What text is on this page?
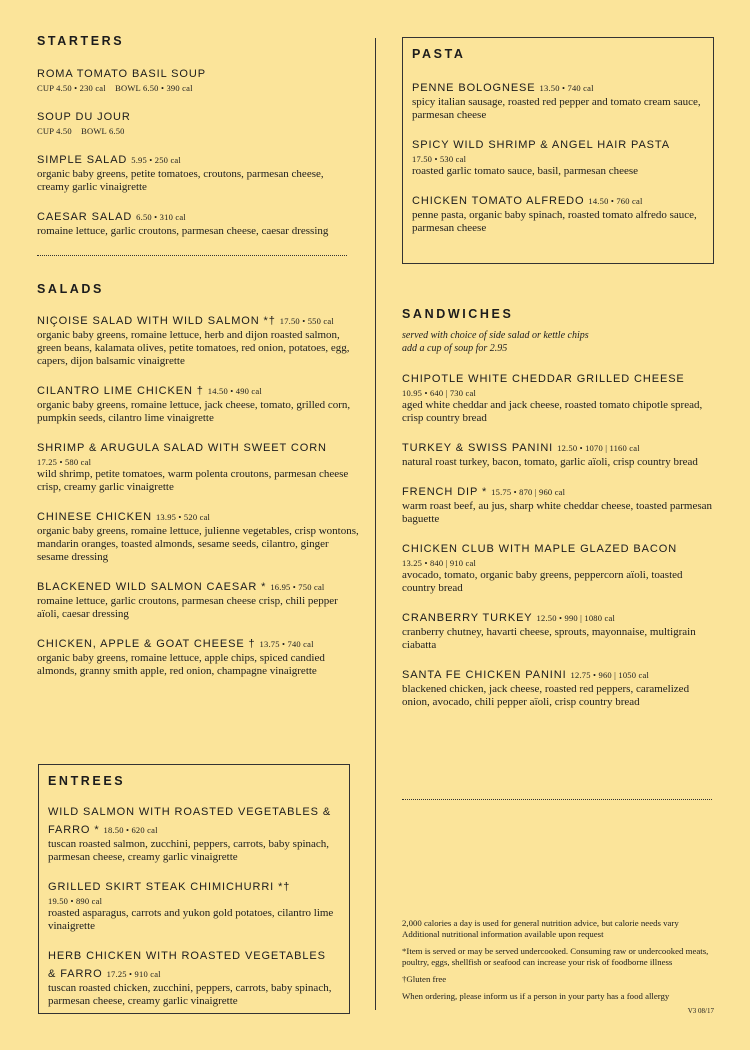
STARTERS
ROMA TOMATO BASIL SOUP
CUP 4.50 • 230 cal    BOWL 6.50 • 390 cal
SOUP DU JOUR
CUP 4.50    BOWL 6.50
SIMPLE SALAD 5.95 • 250 cal
organic baby greens, petite tomatoes, croutons, parmesan cheese, creamy garlic vinaigrette
CAESAR SALAD 6.50 • 310 cal
romaine lettuce, garlic croutons, parmesan cheese, caesar dressing
SALADS
NIÇOISE SALAD WITH WILD SALMON *† 17.50 • 550 cal
organic baby greens, romaine lettuce, herb and dijon roasted salmon, green beans, kalamata olives, petite tomatoes, red onion, potatoes, egg, capers, dijon balsamic vinaigrette
CILANTRO LIME CHICKEN † 14.50 • 490 cal
organic baby greens, romaine lettuce, jack cheese, tomato, grilled corn, pumpkin seeds, cilantro lime vinaigrette
SHRIMP & ARUGULA SALAD WITH SWEET CORN
17.25 • 580 cal
wild shrimp, petite tomatoes, warm polenta croutons, parmesan cheese crisp, creamy garlic vinaigrette
CHINESE CHICKEN 13.95 • 520 cal
organic baby greens, romaine lettuce, julienne vegetables, crisp wontons, mandarin oranges, toasted almonds, sesame seeds, cilantro, ginger sesame dressing
BLACKENED WILD SALMON CAESAR * 16.95 • 750 cal
romaine lettuce, garlic croutons, parmesan cheese crisp, chili pepper aïoli, caesar dressing
CHICKEN, APPLE & GOAT CHEESE † 13.75 • 740 cal
organic baby greens, romaine lettuce, apple chips, spiced candied almonds, granny smith apple, red onion, champagne vinaigrette
ENTREES
WILD SALMON WITH ROASTED VEGETABLES & FARRO * 18.50 • 620 cal
tuscan roasted salmon, zucchini, peppers, carrots, baby spinach, parmesan cheese, creamy garlic vinaigrette
GRILLED SKIRT STEAK CHIMICHURRI *†
19.50 • 890 cal
roasted asparagus, carrots and yukon gold potatoes, cilantro lime vinaigrette
HERB CHICKEN WITH ROASTED VEGETABLES & FARRO 17.25 • 910 cal
tuscan roasted chicken, zucchini, peppers, carrots, baby spinach, parmesan cheese, creamy garlic vinaigrette
PASTA
PENNE BOLOGNESE 13.50 • 740 cal
spicy italian sausage, roasted red pepper and tomato cream sauce, parmesan cheese
SPICY WILD SHRIMP & ANGEL HAIR PASTA
17.50 • 530 cal
roasted garlic tomato sauce, basil, parmesan cheese
CHICKEN TOMATO ALFREDO 14.50 • 760 cal
penne pasta, organic baby spinach, roasted tomato alfredo sauce, parmesan cheese
SANDWICHES
served with choice of side salad or kettle chips
add a cup of soup for 2.95
CHIPOTLE WHITE CHEDDAR GRILLED CHEESE
10.95 • 640 | 730 cal
aged white cheddar and jack cheese, roasted tomato chipotle spread, crisp country bread
TURKEY & SWISS PANINI 12.50 • 1070 | 1160 cal
natural roast turkey, bacon, tomato, garlic aïoli, crisp country bread
FRENCH DIP * 15.75 • 870 | 960 cal
warm roast beef, au jus, sharp white cheddar cheese, toasted parmesan baguette
CHICKEN CLUB WITH MAPLE GLAZED BACON
13.25 • 840 | 910 cal
avocado, tomato, organic baby greens, peppercorn aïoli, toasted country bread
CRANBERRY TURKEY 12.50 • 990 | 1080 cal
cranberry chutney, havarti cheese, sprouts, mayonnaise, multigrain ciabatta
SANTA FE CHICKEN PANINI 12.75 • 960 | 1050 cal
blackened chicken, jack cheese, roasted red peppers, caramelized onion, avocado, chili pepper aïoli, crisp country bread
2,000 calories a day is used for general nutrition advice, but calorie needs vary Additional nutritional information available upon request
*Item is served or may be served undercooked. Consuming raw or undercooked meats, poultry, eggs, shellfish or seafood can increase your risk of foodborne illness
†Gluten free
When ordering, please inform us if a person in your party has a food allergy
V3 08/17
